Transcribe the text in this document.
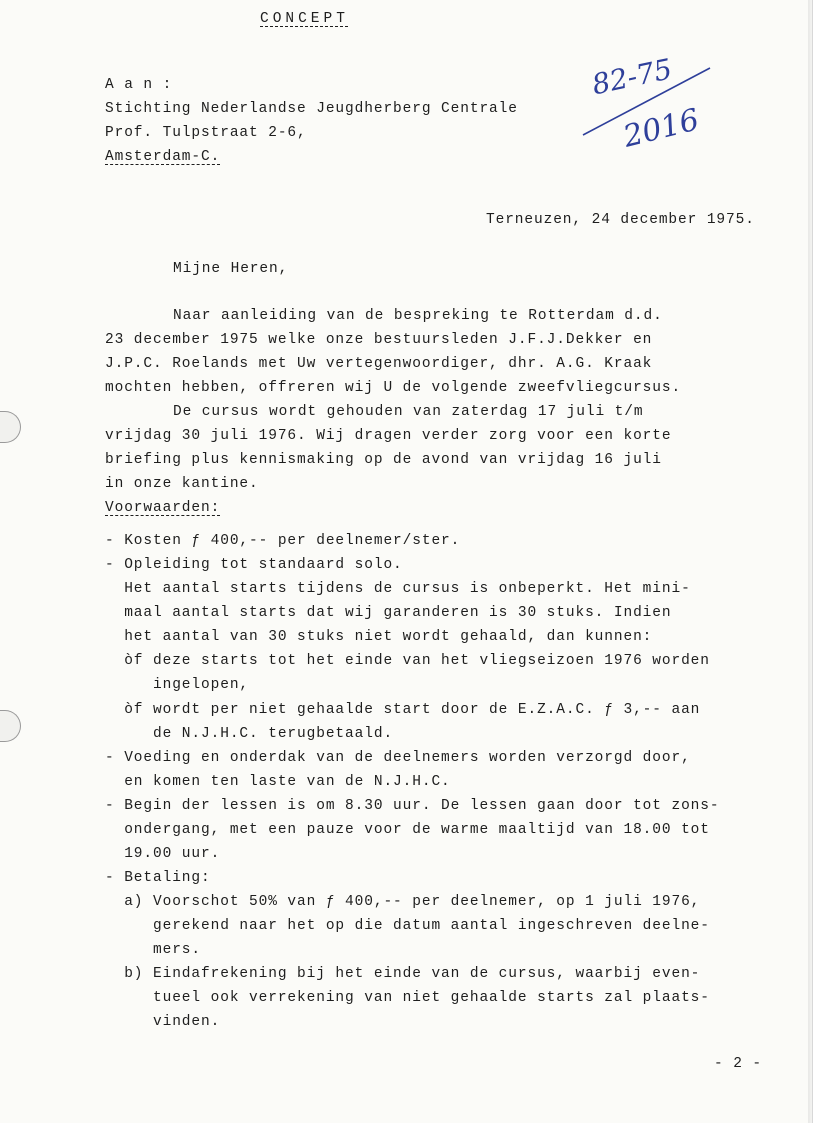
CONCEPT
A a n :
Stichting Nederlandse Jeugdherberg Centrale
Prof. Tulpstraat 2-6,
Amsterdam-C.
82-75
2016
Terneuzen, 24 december 1975.
Mijne Heren,
Naar aanleiding van de bespreking te Rotterdam d.d.
23 december 1975 welke onze bestuursleden J.F.J.Dekker en
J.P.C. Roelands met Uw vertegenwoordiger, dhr. A.G. Kraak
mochten hebben, offreren wij U de volgende zweefvliegcursus.
De cursus wordt gehouden van zaterdag 17 juli t/m
vrijdag 30 juli 1976. Wij dragen verder zorg voor een korte
briefing plus kennismaking op de avond van vrijdag 16 juli
in onze kantine.
Voorwaarden:
- Kosten ƒ 400,-- per deelnemer/ster.
- Opleiding tot standaard solo.
Het aantal starts tijdens de cursus is onbeperkt. Het mini-
maal aantal starts dat wij garanderen is 30 stuks. Indien
het aantal van 30 stuks niet wordt gehaald, dan kunnen:
òf deze starts tot het einde van het vliegseizoen 1976 worden
ingelopen,
òf wordt per niet gehaalde start door de E.Z.A.C. ƒ 3,-- aan
de N.J.H.C. terugbetaald.
- Voeding en onderdak van de deelnemers worden verzorgd door,
en komen ten laste van de N.J.H.C.
- Begin der lessen is om 8.30 uur. De lessen gaan door tot zons-
ondergang, met een pauze voor de warme maaltijd van 18.00 tot
19.00 uur.
- Betaling:
a) Voorschot 50% van ƒ 400,-- per deelnemer, op 1 juli 1976,
gerekend naar het op die datum aantal ingeschreven deelne-
mers.
b) Eindafrekening bij het einde van de cursus, waarbij even-
tueel ook verrekening van niet gehaalde starts zal plaats-
vinden.
- 2 -
